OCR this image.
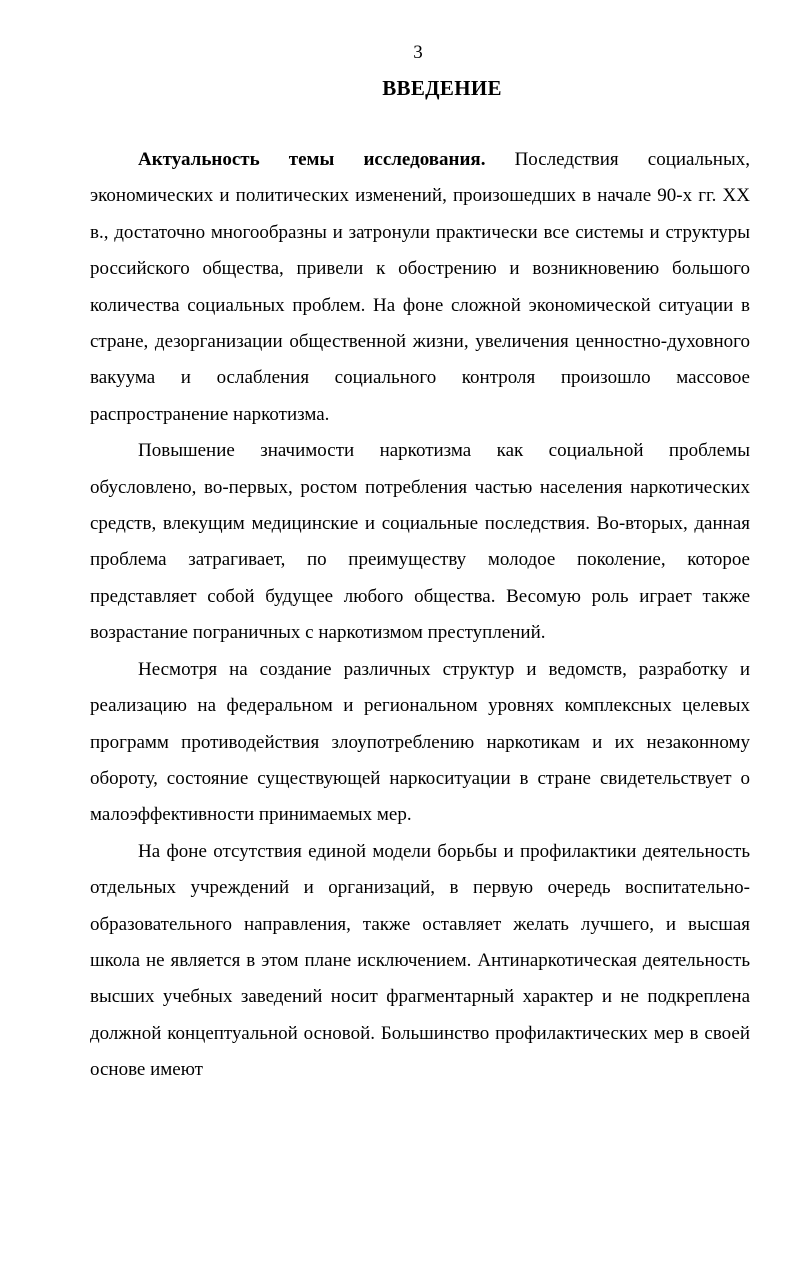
3
ВВЕДЕНИЕ

Актуальность темы исследования. Последствия социальных, экономических и политических изменений, произошедших в начале 90-х гг. XX в., достаточно многообразны и затронули практически все системы и структуры российского общества, привели к обострению и возникновению большого количества социальных проблем. На фоне сложной экономической ситуации в стране, дезорганизации общественной жизни, увеличения ценностно-духовного вакуума и ослабления социального контроля произошло массовое распространение наркотизма.

Повышение значимости наркотизма как социальной проблемы обусловлено, во-первых, ростом потребления частью населения наркотических средств, влекущим медицинские и социальные последствия. Во-вторых, данная проблема затрагивает, по преимуществу молодое поколение, которое представляет собой будущее любого общества. Весомую роль играет также возрастание пограничных с наркотизмом преступлений.

Несмотря на создание различных структур и ведомств, разработку и реализацию на федеральном и региональном уровнях комплексных целевых программ противодействия злоупотреблению наркотикам и их незаконному обороту, состояние существующей наркоситуации в стране свидетельствует о малоэффективности принимаемых мер.

На фоне отсутствия единой модели борьбы и профилактики деятельность отдельных учреждений и организаций, в первую очередь воспитательно-образовательного направления, также оставляет желать лучшего, и высшая школа не является в этом плане исключением. Антинаркотическая деятельность высших учебных заведений носит фрагментарный характер и не подкреплена должной концептуальной основой. Большинство профилактических мер в своей основе имеют
